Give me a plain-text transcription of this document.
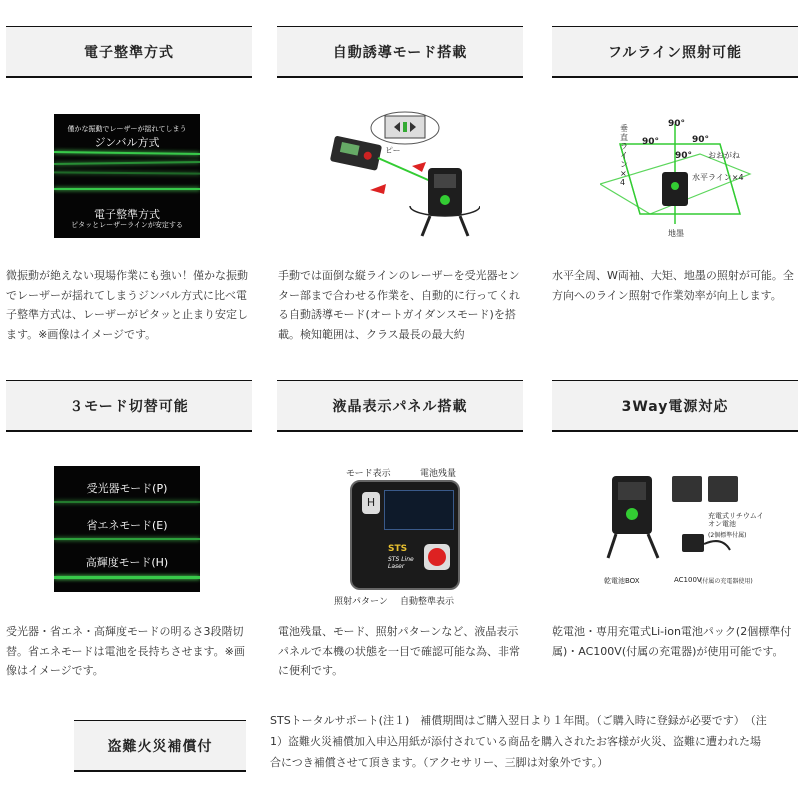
電子整準方式
僅かな振動でレーザーが揺れてしまう
ジンバル方式
電子整準方式
ピタッとレーザーラインが安定する
微振動が絶えない現場作業にも強い！僅かな振動でレーザーが揺れてしまうジンバル方式に比べ電子整準方式は、レーザーがピタッと止まり安定します。※画像はイメージです。
自動誘導モード搭載
ピー
手動では面倒な縦ラインのレーザーを受光器センター部まで合わせる作業を、自動的に行ってくれる自動誘導モード(オートガイダンスモード)を搭載。検知範囲は、クラス最長の最大約
フルライン照射可能
90°
90°	90°
90° おおがね
水平ライン×4
地墨
垂直ライン×4
水平全周、W両袖、大矩、地墨の照射が可能。全方向へのライン照射で作業効率が向上します。
３モード切替可能
受光器モード(P)
省エネモード(E)
高輝度モード(H)
受光器・省エネ・高輝度モードの明るさ3段階切替。省エネモードは電池を長持ちさせます。※画像はイメージです。
液晶表示パネル搭載
モード表示	電池残量
H
STS
STS Line Laser
照射パターン 自動整準表示
電池残量、モード、照射パターンなど、液晶表示パネルで本機の状態を一目で確認可能な為、非常に便利です。
3Way電源対応
充電式リチウムイオン電池
(2個標準付属)
乾電池BOX	AC100V
(付属の充電器使用)
乾電池・専用充電式Li-ion電池パック(2個標準付属)・AC100V(付属の充電器)が使用可能です。
盗難火災補償付
STSトータルサポート(注１)　補償期間はご購入翌日より１年間。（ご購入時に登録が必要です）　（注1）盗難火災補償加入申込用紙が添付されている商品を購入されたお客様が火災、盗難に遭われた場合につき補償させて頂きます。（アクセサリー、三脚は対象外です。）
